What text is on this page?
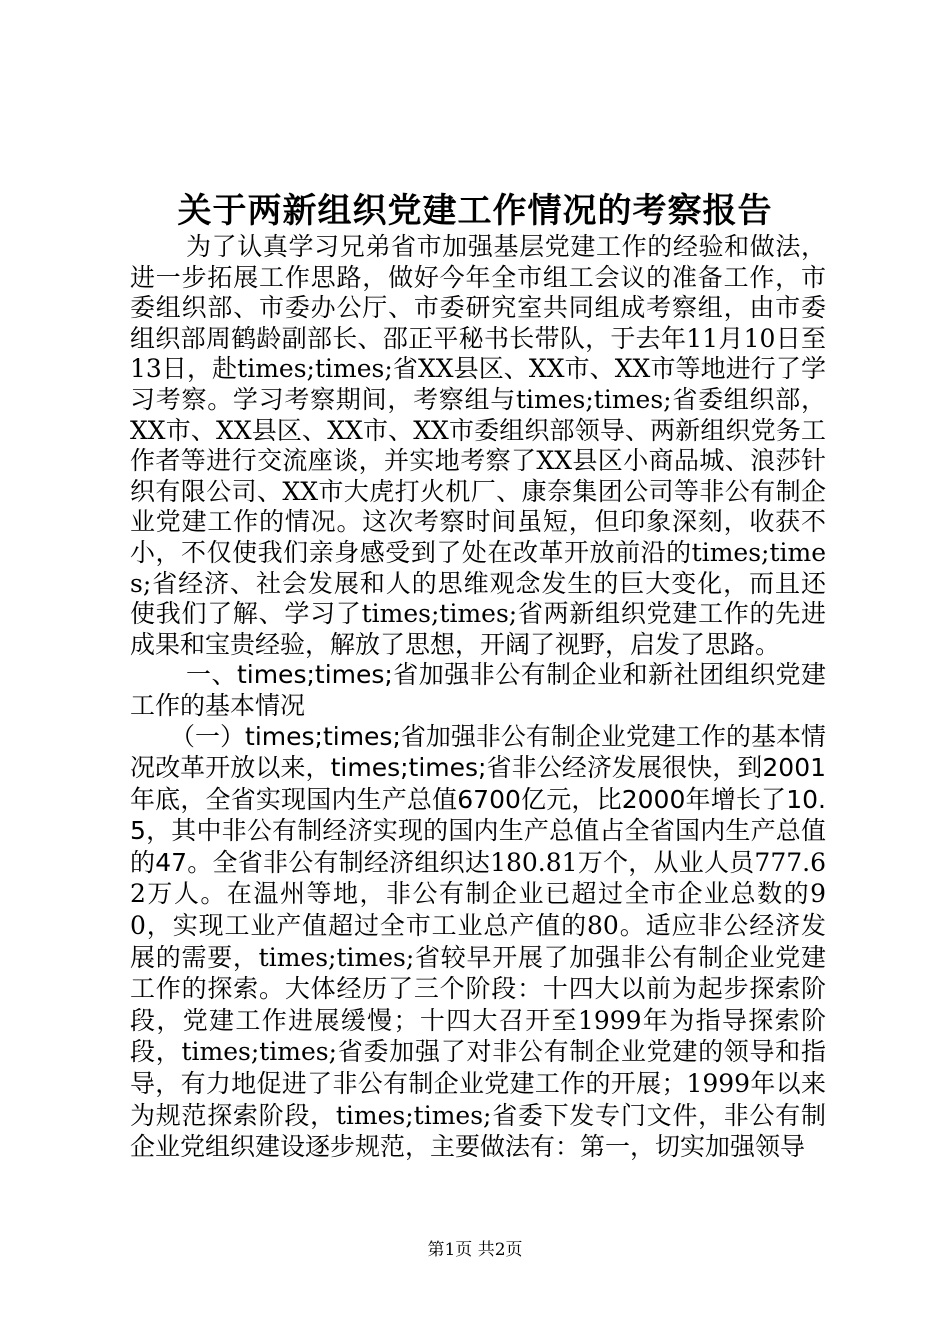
关于两新组织党建工作情况的考察报告

为了认真学习兄弟省市加强基层党建工作的经验和做法，进一步拓展工作思路，做好今年全市组工会议的准备工作，市委组织部、市委办公厅、市委研究室共同组成考察组，由市委组织部周鹤龄副部长、邵正平秘书长带队，于去年11月10日至13日，赴times;times;省XX县区、XX市、XX市等地进行了学习考察。学习考察期间，考察组与times;times;省委组织部，XX市、XX县区、XX市、XX市委组织部领导、两新组织党务工作者等进行交流座谈，并实地考察了XX县区小商品城、浪莎针织有限公司、XX市大虎打火机厂、康奈集团公司等非公有制企业党建工作的情况。这次考察时间虽短，但印象深刻，收获不小，不仅使我们亲身感受到了处在改革开放前沿的times;times;省经济、社会发展和人的思维观念发生的巨大变化，而且还使我们了解、学习了times;times;省两新组织党建工作的先进成果和宝贵经验，解放了思想，开阔了视野，启发了思路。

一、times;times;省加强非公有制企业和新社团组织党建工作的基本情况

（一）times;times;省加强非公有制企业党建工作的基本情况改革开放以来，times;times;省非公经济发展很快，到2001年底，全省实现国内生产总值6700亿元，比2000年增长了10.5，其中非公有制经济实现的国内生产总值占全省国内生产总值的47。全省非公有制经济组织达180.81万个，从业人员777.62万人。在温州等地，非公有制企业已超过全市企业总数的90，实现工业产值超过全市工业总产值的80。适应非公经济发展的需要，times;times;省较早开展了加强非公有制企业党建工作的探索。大体经历了三个阶段：十四大以前为起步探索阶段，党建工作进展缓慢；十四大召开至1999年为指导探索阶段，times;times;省委加强了对非公有制企业党建的领导和指导，有力地促进了非公有制企业党建工作的开展；1999年以来为规范探索阶段，times;times;省委下发专门文件，非公有制企业党组织建设逐步规范，主要做法有：第一，切实加强领导

第1页 共2页
